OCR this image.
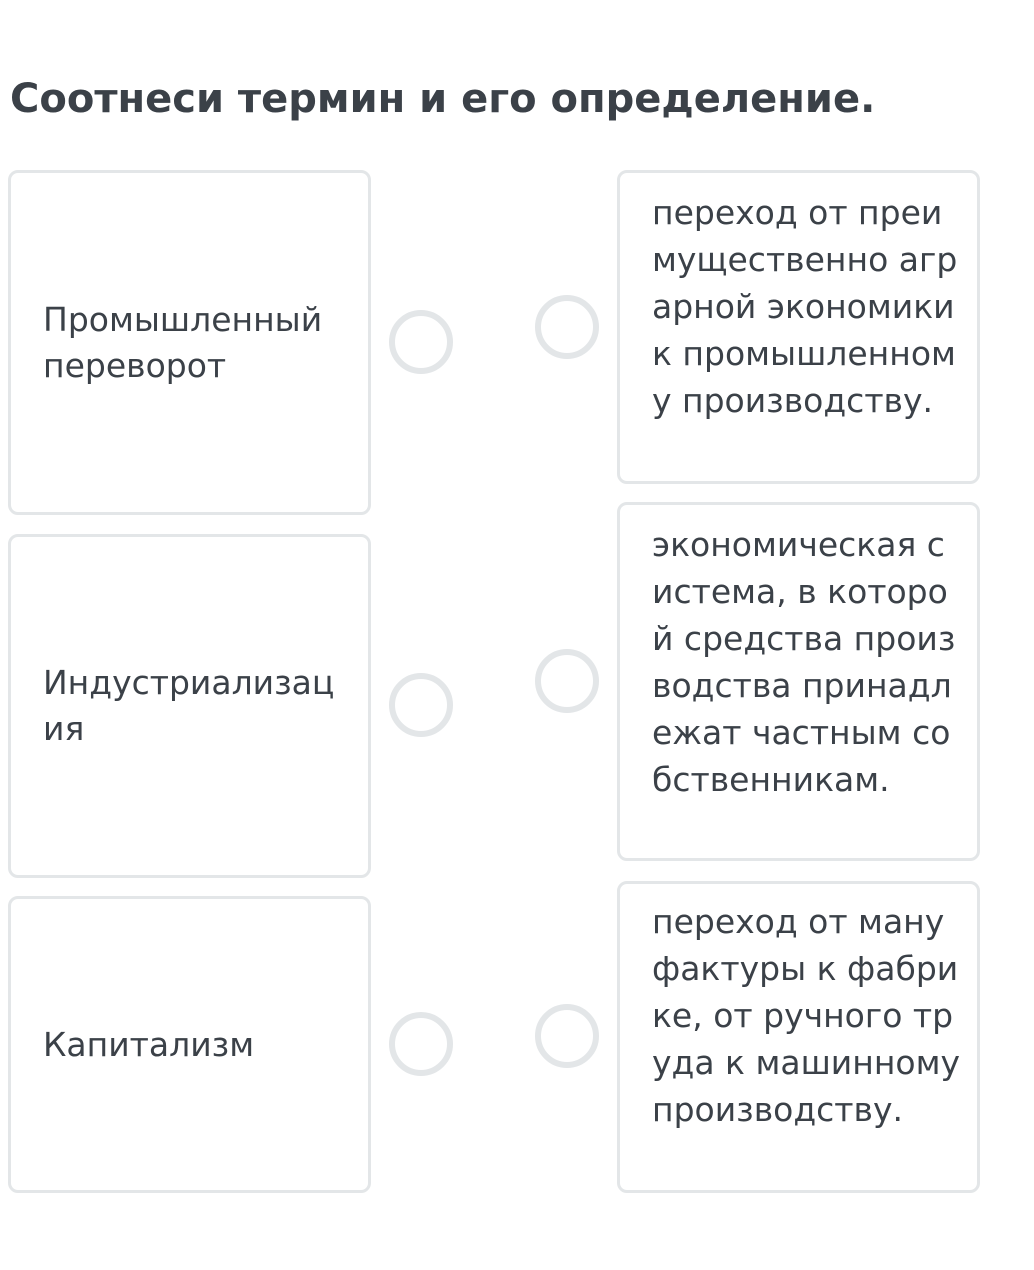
Соотнеси термин и его определение.
Промышленный переворот
Индустриализация
Капитализм
переход от преимущественно аграрной экономики к промышленному производству.
экономическая система, в которой средства производства принадлежат частным собственникам.
переход от мануфактуры к фабрике, от ручного труда к машинному производству.
